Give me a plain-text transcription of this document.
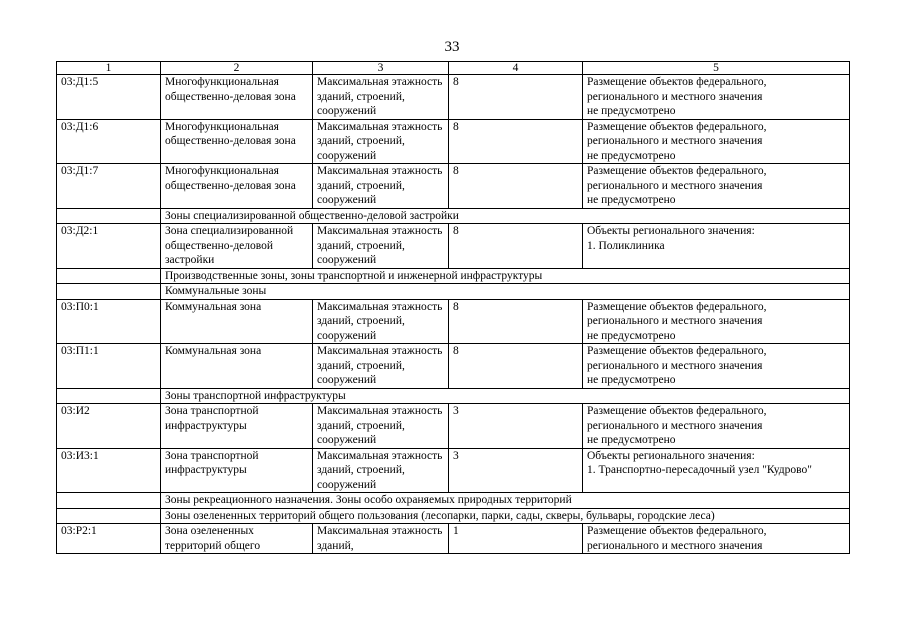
33
1	2	3	4	5
03:Д1:5	Многофункциональная общественно-деловая зона	Максимальная этажность зданий, строений, сооружений	8	Размещение объектов федерального,
регионального и местного значения
не предусмотрено

03:Д1:6	Многофункциональная общественно-деловая зона	Максимальная этажность зданий, строений, сооружений	8	Размещение объектов федерального,
регионального и местного значения
не предусмотрено

03:Д1:7	Многофункциональная общественно-деловая зона	Максимальная этажность зданий, строений, сооружений	8	Размещение объектов федерального,
регионального и местного значения
не предусмотрено

	Зоны специализированной общественно-деловой застройки			
03:Д2:1	Зона специализированной общественно-деловой застройки	Максимальная этажность зданий, строений, сооружений	8	Объекты регионального значения:
1. Поликлиника

	Производственные зоны, зоны транспортной и инженерной инфраструктуры			
	Коммунальные зоны			
03:П0:1	Коммунальная зона	Максимальная этажность зданий, строений, сооружений	8	Размещение объектов федерального,
регионального и местного значения
не предусмотрено

03:П1:1	Коммунальная зона	Максимальная этажность зданий, строений, сооружений	8	Размещение объектов федерального,
регионального и местного значения
не предусмотрено

	Зоны транспортной инфраструктуры			
03:И2	Зона транспортной инфраструктуры	Максимальная этажность зданий, строений, сооружений	3	Размещение объектов федерального,
регионального и местного значения
не предусмотрено

03:И3:1	Зона транспортной инфраструктуры	Максимальная этажность зданий, строений, сооружений	3	Объекты регионального значения:
1. Транспортно-пересадочный узел "Кудрово"

	Зоны рекреационного назначения. Зоны особо охраняемых природных территорий			
	Зоны озелененных территорий общего пользования (лесопарки, парки, сады, скверы, бульвары, городские леса)			
03:Р2:1	Зона озелененных территорий общего	Максимальная этажность зданий,	1	Размещение объектов федерального,
регионального и местного значения
